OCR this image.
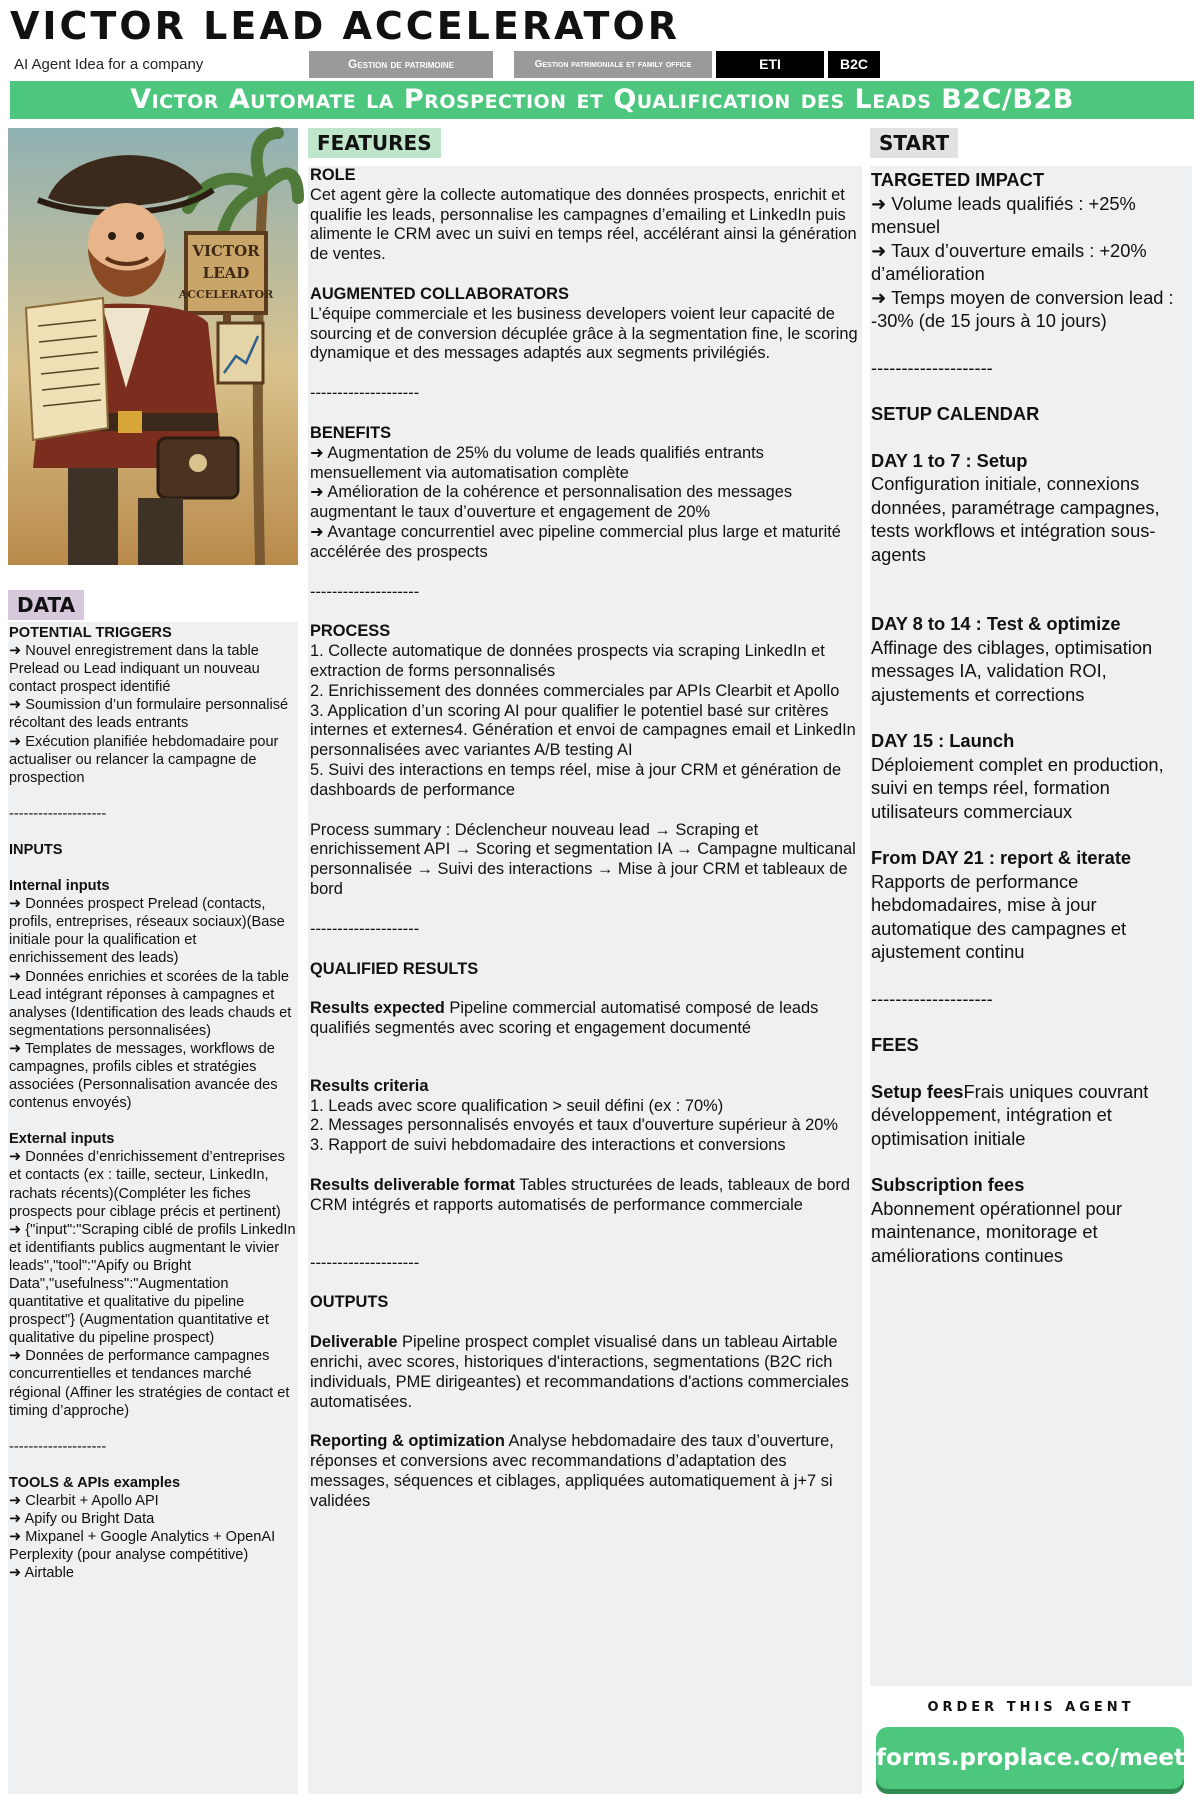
VICTOR LEAD ACCELERATOR
AI Agent Idea for a company	Gestion de patrimoine	Gestion patrimoniale et family office	ETI	B2C
Victor Automate la Prospection et Qualification des Leads B2C/B2B
VICTOR
LEAD
ACCELERATOR
DATA
FEATURES	START

POTENTIAL TRIGGERS

➜ Nouvel enregistrement dans la table Prelead ou Lead indiquant un nouveau contact prospect identifié
➜ Soumission d’un formulaire personnalisé récoltant des leads entrants
➜ Exécution planifiée hebdomadaire pour actualiser ou relancer la campagne de prospection

--------------------

INPUTS

Internal inputs

➜ Données prospect Prelead (contacts, profils, entreprises, réseaux sociaux)(Base initiale pour la qualification et enrichissement des leads)
➜ Données enrichies et scorées de la table Lead intégrant réponses à campagnes et analyses (Identification des leads chauds et segmentations personnalisées)
➜ Templates de messages, workflows de campagnes, profils cibles et stratégies associées (Personnalisation avancée des contenus envoyés)

External inputs

➜ Données d’enrichissement d’entreprises et contacts (ex : taille, secteur, LinkedIn, rachats récents)(Compléter les fiches prospects pour ciblage précis et pertinent)
➜ {"input":"Scraping ciblé de profils LinkedIn et identifiants publics augmentant le vivier leads","tool":"Apify ou Bright Data","usefulness":"Augmentation quantitative et qualitative du pipeline prospect"} (Augmentation quantitative et qualitative du pipeline prospect)
➜ Données de performance campagnes concurrentielles et tendances marché régional (Affiner les stratégies de contact et timing d’approche)

--------------------

TOOLS & APIs examples

➜ Clearbit + Apollo API
➜ Apify ou Bright Data
➜ Mixpanel + Google Analytics + OpenAI Perplexity (pour analyse compétitive)
➜ Airtable

ROLE

Cet agent gère la collecte automatique des données prospects, enrichit et qualifie les leads, personnalise les campagnes d’emailing et LinkedIn puis alimente le CRM avec un suivi en temps réel, accélérant ainsi la génération de ventes.

AUGMENTED COLLABORATORS

L’équipe commerciale et les business developers voient leur capacité de sourcing et de conversion décuplée grâce à la segmentation fine, le scoring dynamique et des messages adaptés aux segments privilégiés.

--------------------

BENEFITS

➜ Augmentation de 25% du volume de leads qualifiés entrants mensuellement via automatisation complète
➜ Amélioration de la cohérence et personnalisation des messages augmentant le taux d’ouverture et engagement de 20%
➜ Avantage concurrentiel avec pipeline commercial plus large et maturité accélérée des prospects

--------------------

PROCESS

1. Collecte automatique de données prospects via scraping LinkedIn et extraction de forms personnalisés
2. Enrichissement des données commerciales par APIs Clearbit et Apollo
3. Application d’un scoring AI pour qualifier le potentiel basé sur critères internes et externes4. Génération et envoi de campagnes email et LinkedIn personnalisées avec variantes A/B testing AI
5. Suivi des interactions en temps réel, mise à jour CRM et génération de dashboards de performance

Process summary : Déclencheur nouveau lead → Scraping et enrichissement API → Scoring et segmentation IA → Campagne multicanal personnalisée → Suivi des interactions → Mise à jour CRM et tableaux de bord

--------------------

QUALIFIED RESULTS

Results expected Pipeline commercial automatisé composé de leads qualifiés segmentés avec scoring et engagement documenté

Results criteria

1. Leads avec score qualification > seuil défini (ex : 70%)
2. Messages personnalisés envoyés et taux d'ouverture supérieur à 20%
3. Rapport de suivi hebdomadaire des interactions et conversions

Results deliverable format Tables structurées de leads, tableaux de bord CRM intégrés et rapports automatisés de performance commerciale

--------------------

OUTPUTS

Deliverable Pipeline prospect complet visualisé dans un tableau Airtable enrichi, avec scores, historiques d'interactions, segmentations (B2C rich individuals, PME dirigeantes) et recommandations d'actions commerciales automatisées.

Reporting & optimization Analyse hebdomadaire des taux d’ouverture, réponses et conversions avec recommandations d’adaptation des messages, séquences et ciblages, appliquées automatiquement à j+7 si validées

TARGETED IMPACT

➜ Volume leads qualifiés : +25% mensuel
➜ Taux d’ouverture emails : +20% d’amélioration
➜ Temps moyen de conversion lead : -30% (de 15 jours à 10 jours)

--------------------

SETUP CALENDAR

DAY 1 to 7 : Setup

Configuration initiale, connexions données, paramétrage campagnes, tests workflows et intégration sous-agents

DAY 8 to 14 : Test & optimize

Affinage des ciblages, optimisation messages IA, validation ROI, ajustements et corrections

DAY 15 : Launch

Déploiement complet en production, suivi en temps réel, formation utilisateurs commerciaux

From DAY 21 : report & iterate

Rapports de performance hebdomadaires, mise à jour automatique des campagnes et ajustement continu

--------------------

FEES

Setup feesFrais uniques couvrant développement, intégration et optimisation initiale

Subscription fees

Abonnement opérationnel pour maintenance, monitorage et améliorations continues

ORDER THIS AGENT
forms.proplace.co/meet
